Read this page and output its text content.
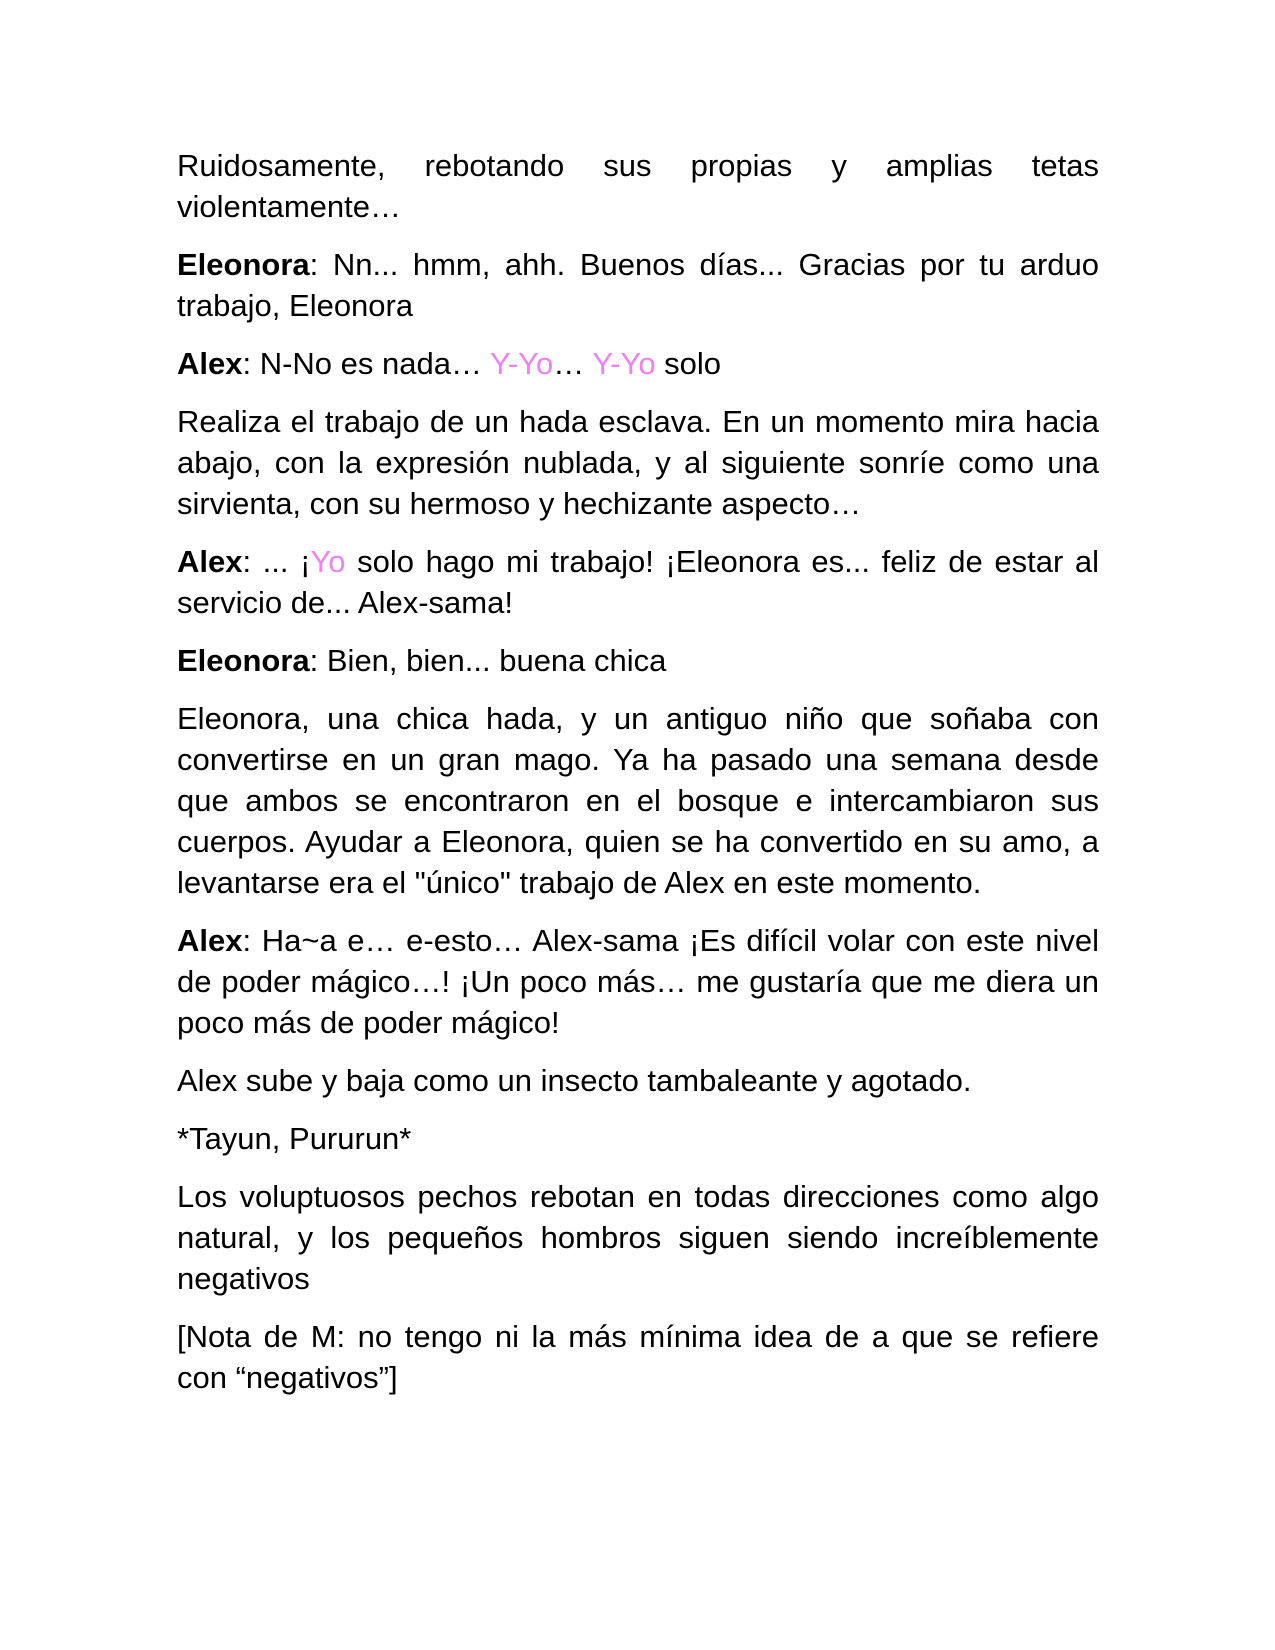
Ruidosamente, rebotando sus propias y amplias tetas violentamente…

Eleonora: Nn... hmm, ahh. Buenos días... Gracias por tu arduo trabajo, Eleonora

Alex: N-No es nada… Y-Yo… Y-Yo solo

Realiza el trabajo de un hada esclava. En un momento mira hacia abajo, con la expresión nublada, y al siguiente sonríe como una sirvienta, con su hermoso y hechizante aspecto…

Alex: ... ¡Yo solo hago mi trabajo! ¡Eleonora es... feliz de estar al servicio de... Alex-sama!

Eleonora: Bien, bien... buena chica

Eleonora, una chica hada, y un antiguo niño que soñaba con convertirse en un gran mago. Ya ha pasado una semana desde que ambos se encontraron en el bosque e intercambiaron sus cuerpos. Ayudar a Eleonora, quien se ha convertido en su amo, a levantarse era el "único" trabajo de Alex en este momento.

Alex: Ha~a e… e-esto… Alex-sama ¡Es difícil volar con este nivel de poder mágico…! ¡Un poco más… me gustaría que me diera un poco más de poder mágico!

Alex sube y baja como un insecto tambaleante y agotado.

*Tayun, Pururun*

Los voluptuosos pechos rebotan en todas direcciones como algo natural, y los pequeños hombros siguen siendo increíblemente negativos

[Nota de M: no tengo ni la más mínima idea de a que se refiere con “negativos”]
